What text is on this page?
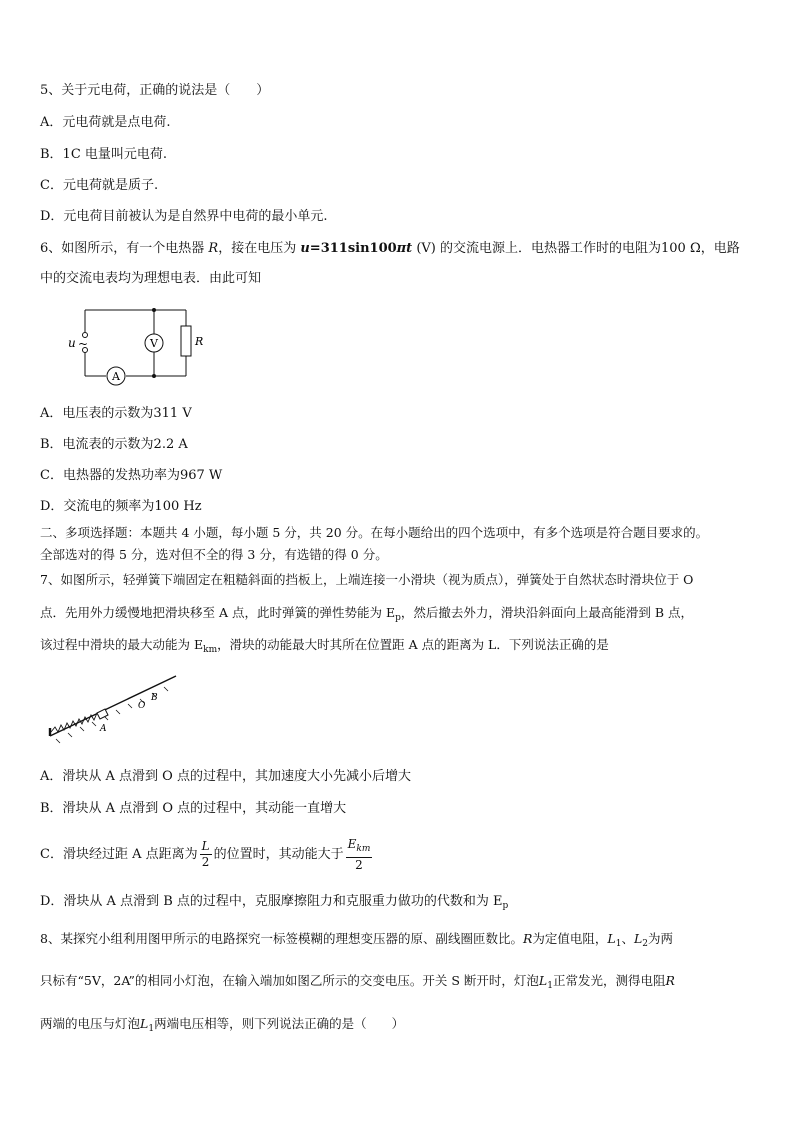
5、关于元电荷，正确的说法是（　　）
A．元电荷就是点电荷.
B．1C 电量叫元电荷.
C．元电荷就是质子.
D．元电荷目前被认为是自然界中电荷的最小单元.
6、如图所示，有一个电热器 R，接在电压为 u=311sin100πt (V) 的交流电源上．电热器工作时的电阻为100 Ω，电路
中的交流电表均为理想电表．由此可知
u ~	V
A
R
A．电压表的示数为311 V
B．电流表的示数为2.2 A
C．电热器的发热功率为967 W
D．交流电的频率为100 Hz
二、多项选择题：本题共 4 小题，每小题 5 分，共 20 分。在每小题给出的四个选项中，有多个选项是符合题目要求的。
全部选对的得 5 分，选对但不全的得 3 分，有选错的得 0 分。
7、如图所示，轻弹簧下端固定在粗糙斜面的挡板上，上端连接一小滑块（视为质点），弹簧处于自然状态时滑块位于 O
点．先用外力缓慢地把滑块移至 A 点，此时弹簧的弹性势能为 $E_p$，然后撤去外力，滑块沿斜面向上最高能滑到 B 点，
该过程中滑块的最大动能为 $E_{km}$，滑块的动能最大时其所在位置距 A 点的距离为 L．下列说法正确的是
A
O
B
A．滑块从 A 点滑到 O 点的过程中，其加速度大小先减小后增大
B．滑块从 A 点滑到 O 点的过程中，其动能一直增大
C．滑块经过距 A 点距离为 $\frac{L}{2}$ 的位置时，其动能大于 $\frac{E_{km}}{2}$
D．滑块从 A 点滑到 B 点的过程中，克服摩擦阻力和克服重力做功的代数和为 $E_p$
8、某探究小组利用图甲所示的电路探究一标签模糊的理想变压器的原、副线圈匝数比。R为定值电阻，$L_1$、$L_2$为两
只标有“5V，2A”的相同小灯泡，在输入端加如图乙所示的交变电压。开关 S 断开时，灯泡$L_1$正常发光，测得电阻R
两端的电压与灯泡$L_1$两端电压相等，则下列说法正确的是（　　）
